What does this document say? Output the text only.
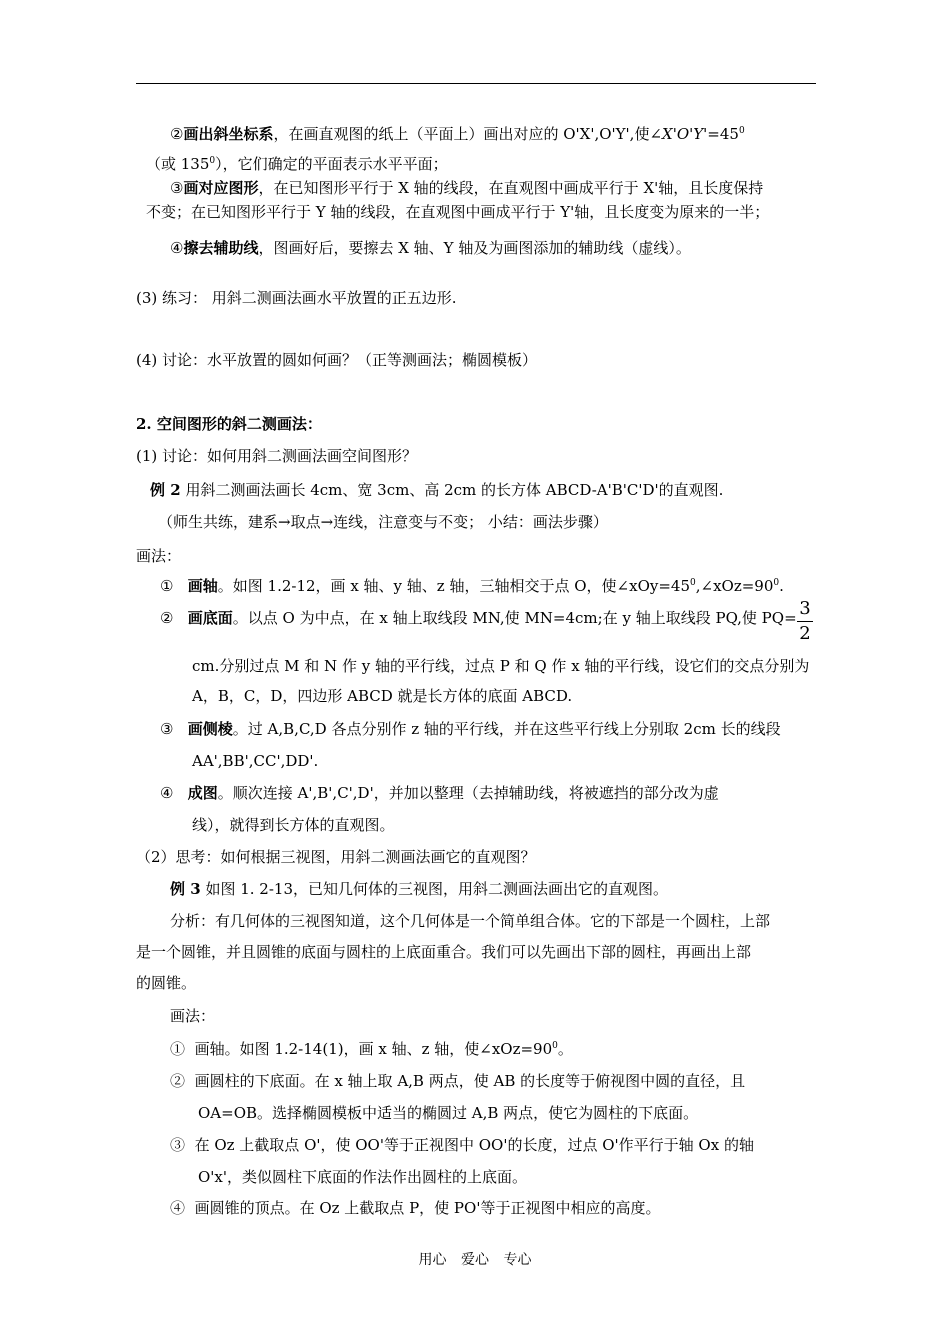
②画出斜坐标系，在画直观图的纸上（平面上）画出对应的 O'X',O'Y',使$\angle X'O'Y'=45^0$
（或 $135^0$），它们确定的平面表示水平平面；
③画对应图形，在已知图形平行于 X 轴的线段，在直观图中画成平行于 X'轴，且长度保持
不变；在已知图形平行于 Y 轴的线段，在直观图中画成平行于 Y'轴，且长度变为原来的一半；
④擦去辅助线，图画好后，要擦去 X 轴、Y 轴及为画图添加的辅助线（虚线）。
(3) 练习： 用斜二测画法画水平放置的正五边形.
(4) 讨论：水平放置的圆如何画？（正等测画法；椭圆模板）
2. 空间图形的斜二测画法：
(1) 讨论：如何用斜二测画法画空间图形？
例 2 用斜二测画法画长 4cm、宽 3cm、高 2cm 的长方体 ABCD-A'B'C'D'的直观图.
（师生共练，建系→取点→连线，注意变与不变； 小结：画法步骤）
画法：
① 画轴。如图 1.2-12，画 x 轴、y 轴、z 轴，三轴相交于点 O，使$\angle xOy=45^0,\angle xOz=90^0$.
② 画底面。以点 O 为中点，在 x 轴上取线段 MN,使 MN=4cm;在 y 轴上取线段 PQ,使 PQ= 3
2
cm.分别过点 M 和 N 作 y 轴的平行线，过点 P 和 Q 作 x 轴的平行线，设它们的交点分别为
A，B，C，D，四边形 ABCD 就是长方体的底面 ABCD.
③ 画侧棱。过 A,B,C,D 各点分别作 z 轴的平行线，并在这些平行线上分别取 2cm 长的线段
AA',BB',CC',DD'.
④ 成图。顺次连接 A',B',C',D'，并加以整理（去掉辅助线，将被遮挡的部分改为虚
线），就得到长方体的直观图。
（2）思考：如何根据三视图，用斜二测画法画它的直观图？
例 3 如图 1. 2-13，已知几何体的三视图，用斜二测画法画出它的直观图。
分析：有几何体的三视图知道，这个几何体是一个简单组合体。它的下部是一个圆柱，上部
是一个圆锥，并且圆锥的底面与圆柱的上底面重合。我们可以先画出下部的圆柱，再画出上部
的圆锥。
画法：
① 画轴。如图 1.2-14(1)，画 x 轴、z 轴，使$\angle xOz=90^0$。
② 画圆柱的下底面。在 x 轴上取 A,B 两点，使 AB 的长度等于俯视图中圆的直径，且
OA=OB。选择椭圆模板中适当的椭圆过 A,B 两点，使它为圆柱的下底面。
③ 在 Oz 上截取点 O'，使 OO'等于正视图中 OO'的长度，过点 O'作平行于轴 Ox 的轴
O'x'，类似圆柱下底面的作法作出圆柱的上底面。
④ 画圆锥的顶点。在 Oz 上截取点 P，使 PO'等于正视图中相应的高度。
用心 爱心 专心
